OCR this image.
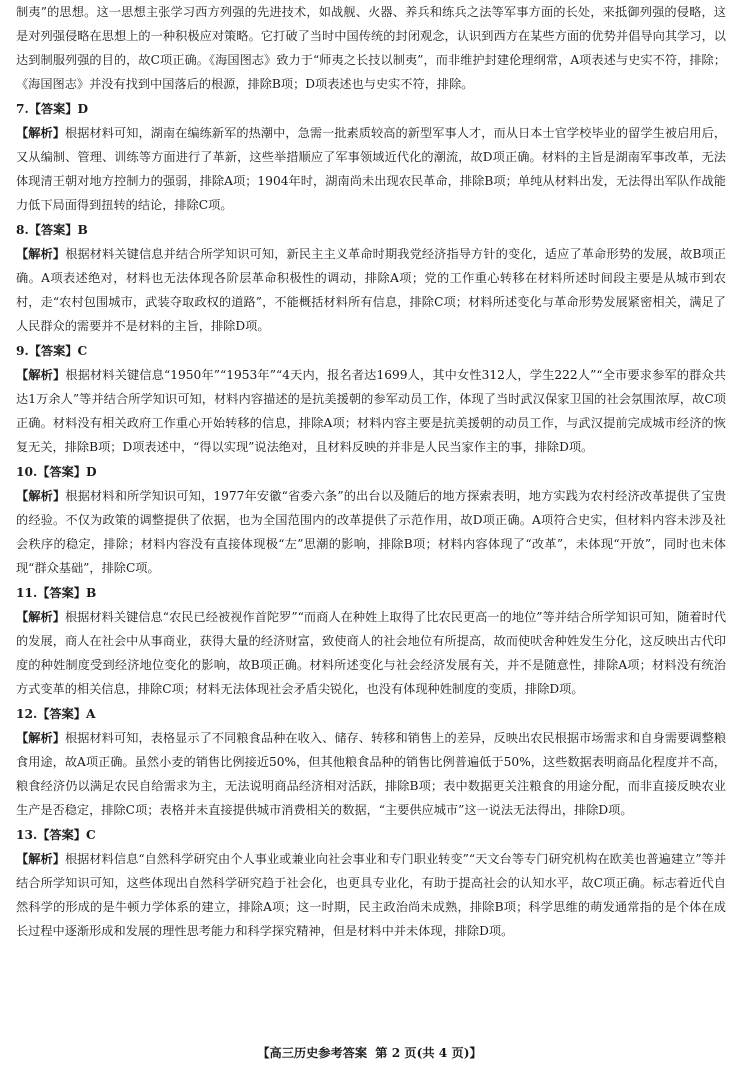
制夷”的思想。这一思想主张学习西方列强的先进技术，如战舰、火器、养兵和练兵之法等军事方面的长处，来抵御列强的侵略，这是对列强侵略在思想上的一种积极应对策略。它打破了当时中国传统的封闭观念，认识到西方在某些方面的优势并倡导向其学习，以达到制服列强的目的，故C项正确。《海国图志》致力于“师夷之长技以制夷”，而非维护封建伦理纲常，A项表述与史实不符，排除；《海国图志》并没有找到中国落后的根源，排除B项；D项表述也与史实不符，排除。

7.【答案】D

【解析】根据材料可知，湖南在编练新军的热潮中，急需一批素质较高的新型军事人才，而从日本士官学校毕业的留学生被启用后，又从编制、管理、训练等方面进行了革新，这些举措顺应了军事领域近代化的潮流，故D项正确。材料的主旨是湖南军事改革，无法体现清王朝对地方控制力的强弱，排除A项；1904年时，湖南尚未出现农民革命，排除B项；单纯从材料出发，无法得出军队作战能力低下局面得到扭转的结论，排除C项。

8.【答案】B

【解析】根据材料关键信息并结合所学知识可知，新民主主义革命时期我党经济指导方针的变化，适应了革命形势的发展，故B项正确。A项表述绝对，材料也无法体现各阶层革命积极性的调动，排除A项；党的工作重心转移在材料所述时间段主要是从城市到农村，走“农村包围城市，武装夺取政权的道路”，不能概括材料所有信息，排除C项；材料所述变化与革命形势发展紧密相关，满足了人民群众的需要并不是材料的主旨，排除D项。

9.【答案】C

【解析】根据材料关键信息“1950年”“1953年”“4天内，报名者达1699人，其中女性312人，学生222人”“全市要求参军的群众共达1万余人”等并结合所学知识可知，材料内容描述的是抗美援朝的参军动员工作，体现了当时武汉保家卫国的社会氛围浓厚，故C项正确。材料没有相关政府工作重心开始转移的信息，排除A项；材料内容主要是抗美援朝的动员工作，与武汉提前完成城市经济的恢复无关，排除B项；D项表述中，“得以实现”说法绝对，且材料反映的并非是人民当家作主的事，排除D项。

10.【答案】D

【解析】根据材料和所学知识可知，1977年安徽“省委六条”的出台以及随后的地方探索表明，地方实践为农村经济改革提供了宝贵的经验。不仅为政策的调整提供了依据，也为全国范围内的改革提供了示范作用，故D项正确。A项符合史实，但材料内容未涉及社会秩序的稳定，排除；材料内容没有直接体现极“左”思潮的影响，排除B项；材料内容体现了“改革”，未体现“开放”，同时也未体现“群众基础”，排除C项。

11.【答案】B

【解析】根据材料关键信息“农民已经被视作首陀罗”“而商人在种姓上取得了比农民更高一的地位”等并结合所学知识可知，随着时代的发展，商人在社会中从事商业，获得大量的经济财富，致使商人的社会地位有所提高，故而使吠舍种姓发生分化，这反映出古代印度的种姓制度受到经济地位变化的影响，故B项正确。材料所述变化与社会经济发展有关，并不是随意性，排除A项；材料没有统治方式变革的相关信息，排除C项；材料无法体现社会矛盾尖锐化，也没有体现种姓制度的变质，排除D项。

12.【答案】A

【解析】根据材料可知，表格显示了不同粮食品种在收入、储存、转移和销售上的差异，反映出农民根据市场需求和自身需要调整粮食用途，故A项正确。虽然小麦的销售比例接近50%，但其他粮食品种的销售比例普遍低于50%，这些数据表明商品化程度并不高，粮食经济仍以满足农民自给需求为主，无法说明商品经济相对活跃，排除B项；表中数据更关注粮食的用途分配，而非直接反映农业生产是否稳定，排除C项；表格并未直接提供城市消费相关的数据，“主要供应城市”这一说法无法得出，排除D项。

13.【答案】C

【解析】根据材料信息“自然科学研究由个人事业或兼业向社会事业和专门职业转变”“天文台等专门研究机构在欧美也普遍建立”等并结合所学知识可知，这些体现出自然科学研究趋于社会化，也更具专业化，有助于提高社会的认知水平，故C项正确。标志着近代自然科学的形成的是牛顿力学体系的建立，排除A项；这一时期，民主政治尚未成熟，排除B项；科学思维的萌发通常指的是个体在成长过程中逐渐形成和发展的理性思考能力和科学探究精神，但是材料中并未体现，排除D项。

【高三历史参考答案 第 2 页(共 4 页)】
